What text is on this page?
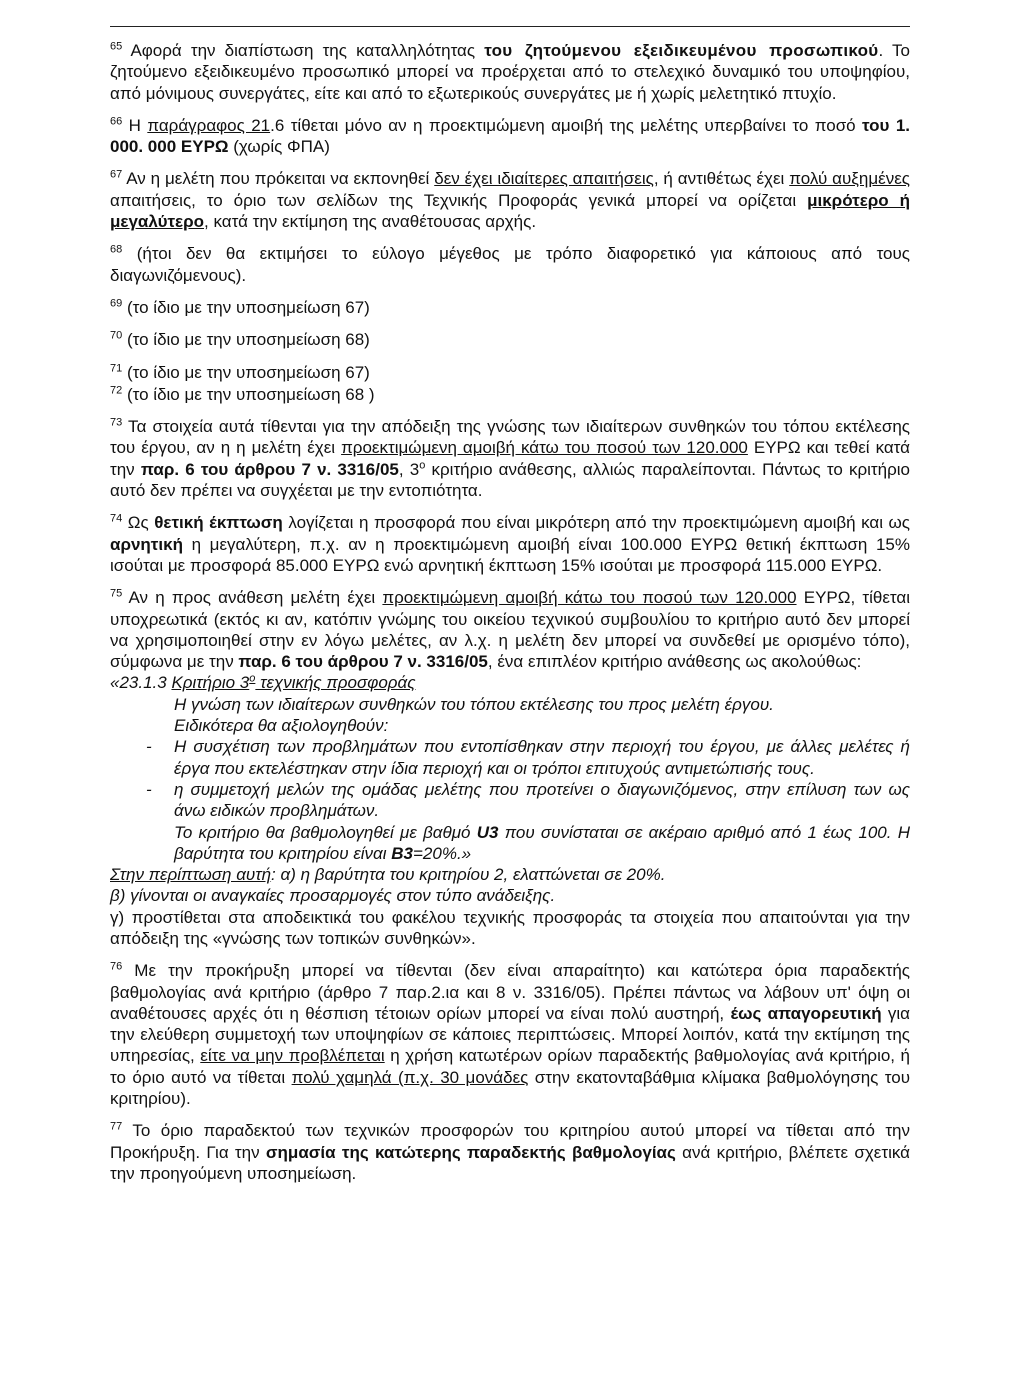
$^{65}$ Αφορά την διαπίστωση της καταλληλότητας του ζητούμενου εξειδικευμένου προσωπικού. Το ζητούμενο εξειδικευμένο προσωπικό μπορεί να προέρχεται από το στελεχικό δυναμικό του υποψηφίου, από μόνιμους συνεργάτες, είτε και από το εξωτερικούς συνεργάτες με ή χωρίς μελετητικό πτυχίο.

$^{66}$ Η παράγραφος 21.6 τίθεται μόνο αν η προεκτιμώμενη αμοιβή της μελέτης υπερβαίνει το ποσό του 1. 000. 000 ΕΥΡΩ (χωρίς ΦΠΑ)

$^{67}$ Αν η μελέτη που πρόκειται να εκπονηθεί δεν έχει ιδιαίτερες απαιτήσεις, ή αντιθέτως έχει πολύ αυξημένες απαιτήσεις, το όριο των σελίδων της Τεχνικής Προφοράς γενικά μπορεί να ορίζεται μικρότερο ή μεγαλύτερο, κατά την εκτίμηση της αναθέτουσας αρχής.

$^{68}$ (ήτοι δεν θα εκτιμήσει το εύλογο μέγεθος με τρόπο διαφορετικό για κάποιους από τους διαγωνιζόμενους).

$^{69}$ (το ίδιο με την υποσημείωση 67)

$^{70}$ (το ίδιο με την υποσημείωση 68)

$^{71}$ (το ίδιο με την υποσημείωση 67)

$^{72}$ (το ίδιο με την υποσημείωση 68 )

$^{73}$ Τα στοιχεία αυτά τίθενται για την απόδειξη της γνώσης των ιδιαίτερων συνθηκών του τόπου εκτέλεσης του έργου, αν η η μελέτη έχει προεκτιμώμενη αμοιβή κάτω του ποσού των 120.000 ΕΥΡΩ και τεθεί κατά την παρ. 6 του άρθρου 7 ν. 3316/05, $3^o$ κριτήριο ανάθεσης, αλλιώς παραλείπονται. Πάντως το κριτήριο αυτό δεν πρέπει να συγχέεται με την εντοπιότητα.

$^{74}$ Ως θετική έκπτωση λογίζεται η προσφορά που είναι μικρότερη από την προεκτιμώμενη αμοιβή και ως αρνητική η μεγαλύτερη, π.χ. αν η προεκτιμώμενη αμοιβή είναι 100.000 ΕΥΡΩ θετική έκπτωση 15% ισούται με προσφορά 85.000 ΕΥΡΩ ενώ αρνητική έκπτωση 15% ισούται με προσφορά 115.000 ΕΥΡΩ.

$^{75}$ Αν η προς ανάθεση μελέτη έχει προεκτιμώμενη αμοιβή κάτω του ποσού των 120.000 ΕΥΡΩ, τίθεται υποχρεωτικά (εκτός κι αν, κατόπιν γνώμης του οικείου τεχνικού συμβουλίου το κριτήριο αυτό δεν μπορεί να χρησιμοποιηθεί στην εν λόγω μελέτες, αν λ.χ. η μελέτη δεν μπορεί να συνδεθεί με ορισμένο τόπο), σύμφωνα με την παρ. 6 του άρθρου 7 ν. 3316/05, ένα επιπλέον κριτήριο ανάθεσης ως ακολούθως:

«23.1.3 Κριτήριο $3^o$ τεχνικής προσφοράς

Η γνώση των ιδιαίτερων συνθηκών του τόπου εκτέλεσης του προς μελέτη έργου.

Ειδικότερα θα αξιολογηθούν:

- Η συσχέτιση των προβλημάτων που εντοπίσθηκαν στην περιοχή του έργου, με άλλες μελέτες ή έργα που εκτελέστηκαν στην ίδια περιοχή και οι τρόποι επιτυχούς αντιμετώπισής τους.

- η συμμετοχή μελών της ομάδας μελέτης που προτείνει ο διαγωνιζόμενος, στην επίλυση των ως άνω ειδικών προβλημάτων.

Το κριτήριο θα βαθμολογηθεί με βαθμό U3 που συνίσταται σε ακέραιο αριθμό από 1 έως 100. Η βαρύτητα του κριτηρίου είναι B3=20%.»

Στην περίπτωση αυτή: α) η βαρύτητα του κριτηρίου 2, ελαττώνεται σε 20%.

β) γίνονται οι αναγκαίες προσαρμογές στον τύπο ανάδειξης.

γ) προστίθεται στα αποδεικτικά του φακέλου τεχνικής προσφοράς τα στοιχεία που απαιτούνται για την απόδειξη της «γνώσης των τοπικών συνθηκών».

$^{76}$ Με την προκήρυξη μπορεί να τίθενται (δεν είναι απαραίτητο) και κατώτερα όρια παραδεκτής βαθμολογίας ανά κριτήριο (άρθρο 7 παρ.2.ια και 8 ν. 3316/05). Πρέπει πάντως να λάβουν υπ' όψη οι αναθέτουσες αρχές ότι η θέσπιση τέτοιων ορίων μπορεί να είναι πολύ αυστηρή, έως απαγορευτική για την ελεύθερη συμμετοχή των υποψηφίων σε κάποιες περιπτώσεις. Μπορεί λοιπόν, κατά την εκτίμηση της υπηρεσίας, είτε να μην προβλέπεται η χρήση κατωτέρων ορίων παραδεκτής βαθμολογίας ανά κριτήριο, ή το όριο αυτό να τίθεται πολύ χαμηλά (π.χ. 30 μονάδες στην εκατονταβάθμια κλίμακα βαθμολόγησης του κριτηρίου).

$^{77}$ Το όριο παραδεκτού των τεχνικών προσφορών του κριτηρίου αυτού μπορεί να τίθεται από την Προκήρυξη. Για την σημασία της κατώτερης παραδεκτής βαθμολογίας ανά κριτήριο, βλέπετε σχετικά την προηγούμενη υποσημείωση.
